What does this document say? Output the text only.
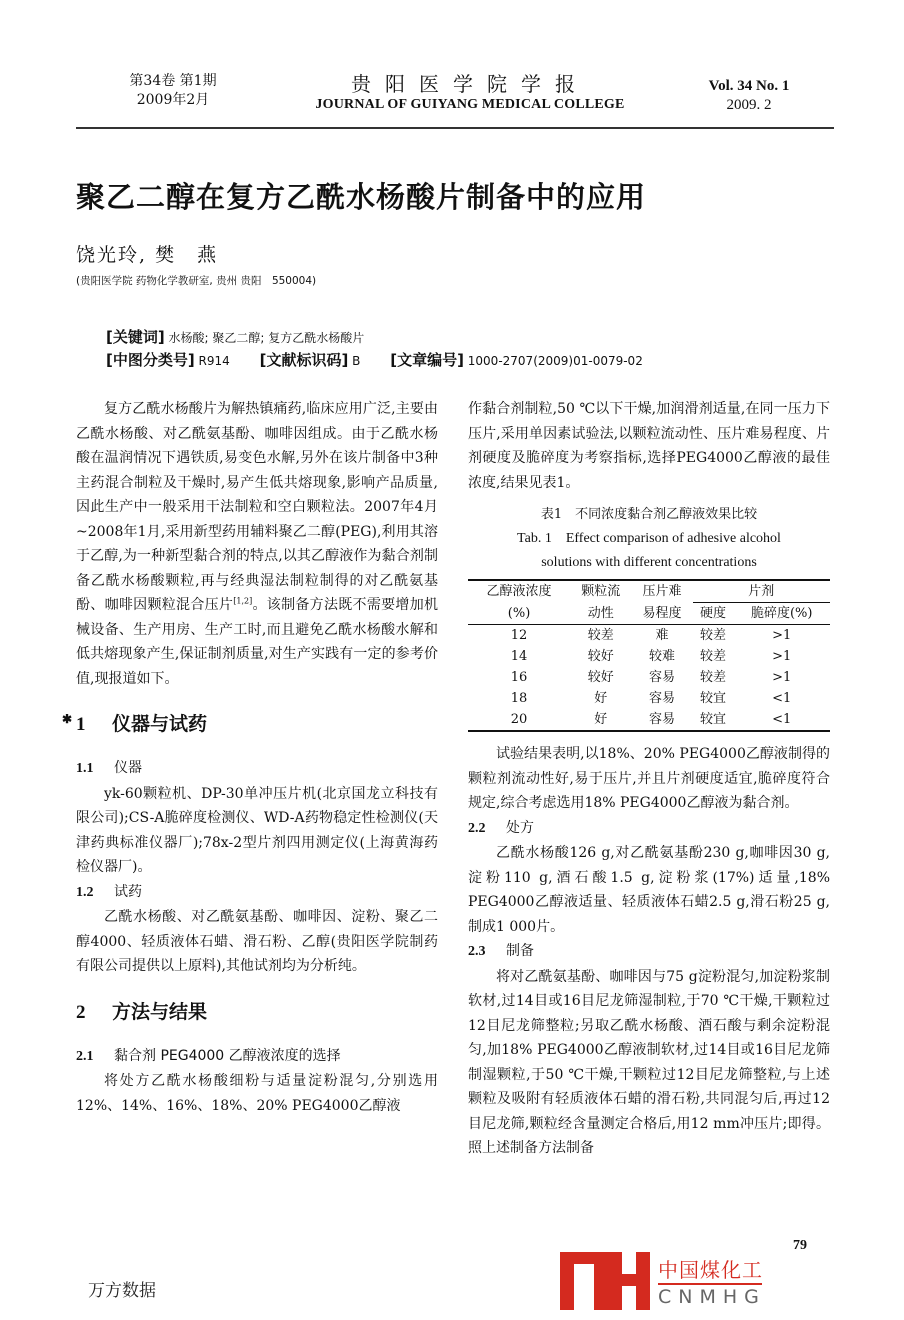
第34卷 第1期
2009年2月
贵阳医学院学报
JOURNAL OF GUIYANG MEDICAL COLLEGE
Vol. 34 No. 1
2009. 2
聚乙二醇在复方乙酰水杨酸片制备中的应用
饶光玲, 樊　燕
(贵阳医学院 药物化学教研室, 贵州 贵阳　550004)
[关键词] 水杨酸; 聚乙二醇; 复方乙酰水杨酸片
[中图分类号] R914 [文献标识码] B [文章编号] 1000-2707(2009)01-0079-02

复方乙酰水杨酸片为解热镇痛药,临床应用广泛,主要由乙酰水杨酸、对乙酰氨基酚、咖啡因组成。由于乙酰水杨酸在温润情况下遇铁质,易变色水解,另外在该片制备中3种主药混合制粒及干燥时,易产生低共熔现象,影响产品质量,因此生产中一般采用干法制粒和空白颗粒法。2007年4月~2008年1月,采用新型药用辅料聚乙二醇(PEG),利用其溶于乙醇,为一种新型黏合剂的特点,以其乙醇液作为黏合剂制备乙酰水杨酸颗粒,再与经典湿法制粒制得的对乙酰氨基酚、咖啡因颗粒混合压片[1,2]。该制备方法既不需要增加机械设备、生产用房、生产工时,而且避免乙酰水杨酸水解和低共熔现象产生,保证制剂质量,对生产实践有一定的参考价值,现报道如下。

1 仪器与试药
1.1 仪器

yk-60颗粒机、DP-30单冲压片机(北京国龙立科技有限公司);CS-A脆碎度检测仪、WD-A药物稳定性检测仪(天津药典标准仪器厂);78x-2型片剂四用测定仪(上海黄海药检仪器厂)。

1.2 试药

乙酰水杨酸、对乙酰氨基酚、咖啡因、淀粉、聚乙二醇4000、轻质液体石蜡、滑石粉、乙醇(贵阳医学院制药有限公司提供以上原料),其他试剂均为分析纯。

2 方法与结果
2.1 黏合剂 PEG4000 乙醇液浓度的选择

将处方乙酰水杨酸细粉与适量淀粉混匀,分别选用12%、14%、16%、18%、20% PEG4000乙醇液

作黏合剂制粒,50 ℃以下干燥,加润滑剂适量,在同一压力下压片,采用单因素试验法,以颗粒流动性、压片难易程度、片剂硬度及脆碎度为考察指标,选择PEG4000乙醇液的最佳浓度,结果见表1。

表1　不同浓度黏合剂乙醇液效果比较
Tab. 1　Effect comparison of adhesive alcohol
solutions with different concentrations
乙醇液浓度	颗粒流	压片难	片剂	
(%)	动性	易程度	硬度	脆碎度(%)
12	较差	难	较差	>1
14	较好	较难	较差	>1
16	较好	容易	较差	>1
18	好	容易	较宜	<1
20	好	容易	较宜	<1

试验结果表明,以18%、20% PEG4000乙醇液制得的颗粒剂流动性好,易于压片,并且片剂硬度适宜,脆碎度符合规定,综合考虑选用18% PEG4000乙醇液为黏合剂。

2.2 处方

乙酰水杨酸126 g,对乙酰氨基酚230 g,咖啡因30 g,淀粉110 g,酒石酸1.5 g,淀粉浆(17%)适量,18% PEG4000乙醇液适量、轻质液体石蜡2.5 g,滑石粉25 g,制成1 000片。

2.3 制备

将对乙酰氨基酚、咖啡因与75 g淀粉混匀,加淀粉浆制软材,过14目或16目尼龙筛湿制粒,于70 ℃干燥,干颗粒过12目尼龙筛整粒;另取乙酰水杨酸、酒石酸与剩余淀粉混匀,加18% PEG4000乙醇液制软材,过14目或16目尼龙筛制湿颗粒,于50 ℃干燥,干颗粒过12目尼龙筛整粒,与上述颗粒及吸附有轻质液体石蜡的滑石粉,共同混匀后,再过12目尼龙筛,颗粒经含量测定合格后,用12 mm冲压片;即得。照上述制备方法制备

✱
中国煤化工
CNMHG
79
万方数据
